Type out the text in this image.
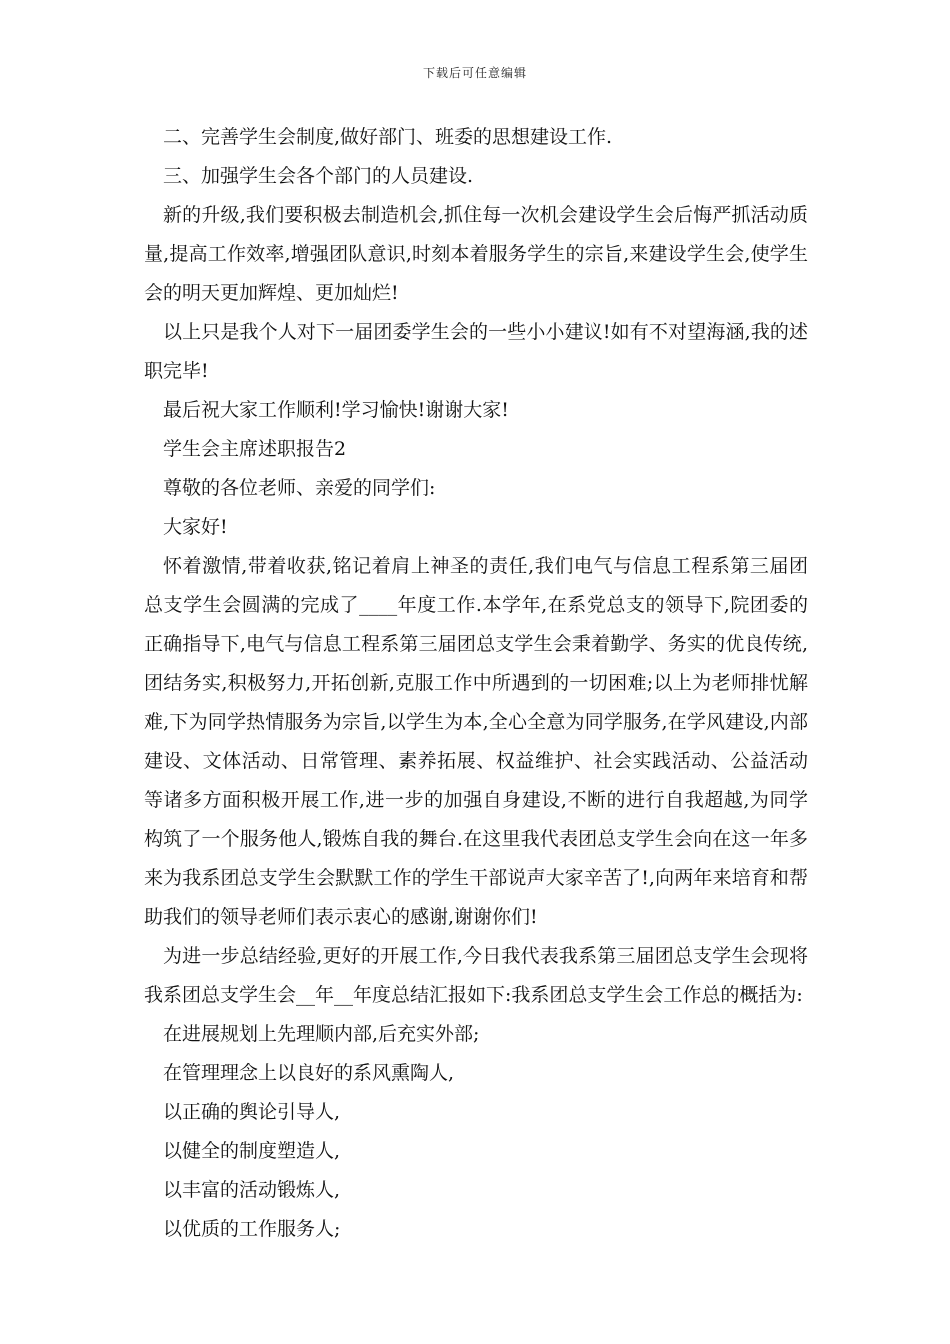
下载后可任意编辑

二、完善学生会制度,做好部门、班委的思想建设工作.

三、加强学生会各个部门的人员建设.

新的升级,我们要积极去制造机会,抓住每一次机会建设学生会后悔严抓活动质量,提高工作效率,增强团队意识,时刻本着服务学生的宗旨,来建设学生会,使学生会的明天更加辉煌、更加灿烂!

以上只是我个人对下一届团委学生会的一些小小建议!如有不对望海涵,我的述职完毕!

最后祝大家工作顺利!学习愉快!谢谢大家!

学生会主席述职报告2

尊敬的各位老师、亲爱的同学们:

大家好!

怀着激情,带着收获,铭记着肩上神圣的责任,我们电气与信息工程系第三届团总支学生会圆满的完成了____年度工作.本学年,在系党总支的领导下,院团委的正确指导下,电气与信息工程系第三届团总支学生会秉着勤学、务实的优良传统,团结务实,积极努力,开拓创新,克服工作中所遇到的一切困难;以上为老师排忧解难,下为同学热情服务为宗旨,以学生为本,全心全意为同学服务,在学风建设,内部建设、文体活动、日常管理、素养拓展、权益维护、社会实践活动、公益活动等诸多方面积极开展工作,进一步的加强自身建设,不断的进行自我超越,为同学构筑了一个服务他人,锻炼自我的舞台.在这里我代表团总支学生会向在这一年多来为我系团总支学生会默默工作的学生干部说声大家辛苦了!,向两年来培育和帮助我们的领导老师们表示衷心的感谢,谢谢你们!

为进一步总结经验,更好的开展工作,今日我代表我系第三届团总支学生会现将我系团总支学生会__年__年度总结汇报如下:我系团总支学生会工作总的概括为:

在进展规划上先理顺内部,后充实外部;

在管理理念上以良好的系风熏陶人,

以正确的舆论引导人,

以健全的制度塑造人,

以丰富的活动锻炼人,

以优质的工作服务人;
